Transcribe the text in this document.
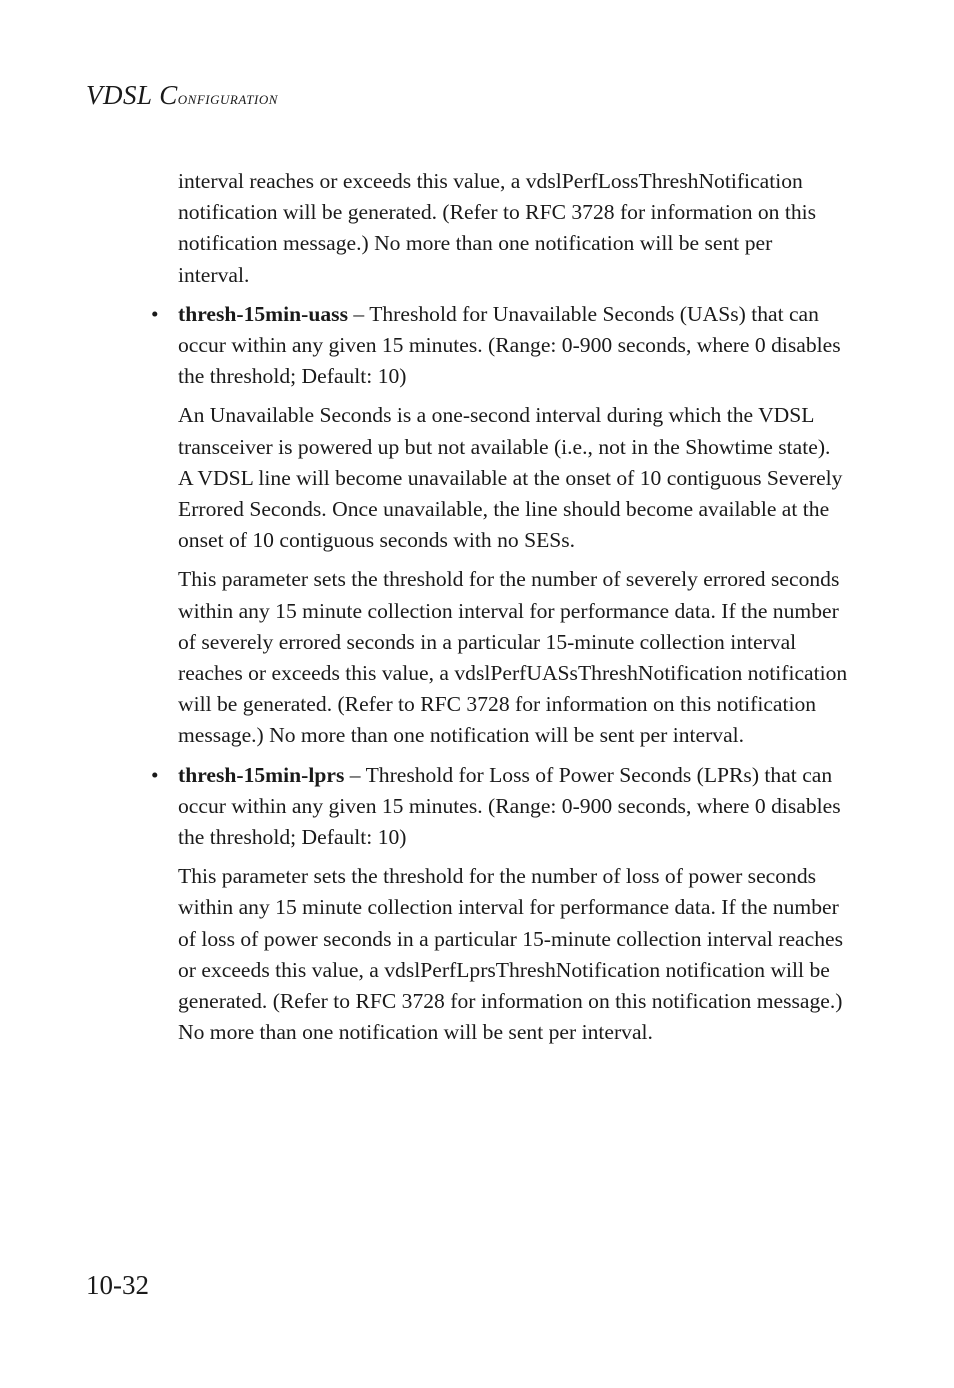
VDSL Configuration

interval reaches or exceeds this value, a vdslPerfLossThreshNotification notification will be generated. (Refer to RFC 3728 for information on this notification message.) No more than one notification will be sent per interval.

• thresh-15min-uass – Threshold for Unavailable Seconds (UASs) that can occur within any given 15 minutes. (Range: 0-900 seconds, where 0 disables the threshold; Default: 10)

An Unavailable Seconds is a one-second interval during which the VDSL transceiver is powered up but not available (i.e., not in the Showtime state). A VDSL line will become unavailable at the onset of 10 contiguous Severely Errored Seconds. Once unavailable, the line should become available at the onset of 10 contiguous seconds with no SESs.

This parameter sets the threshold for the number of severely errored seconds within any 15 minute collection interval for performance data. If the number of severely errored seconds in a particular 15-minute collection interval reaches or exceeds this value, a vdslPerfUASsThreshNotification notification will be generated. (Refer to RFC 3728 for information on this notification message.) No more than one notification will be sent per interval.

• thresh-15min-lprs – Threshold for Loss of Power Seconds (LPRs) that can occur within any given 15 minutes. (Range: 0-900 seconds, where 0 disables the threshold; Default: 10)

This parameter sets the threshold for the number of loss of power seconds within any 15 minute collection interval for performance data. If the number of loss of power seconds in a particular 15-minute collection interval reaches or exceeds this value, a vdslPerfLprsThreshNotification notification will be generated. (Refer to RFC 3728 for information on this notification message.) No more than one notification will be sent per interval.

10-32
